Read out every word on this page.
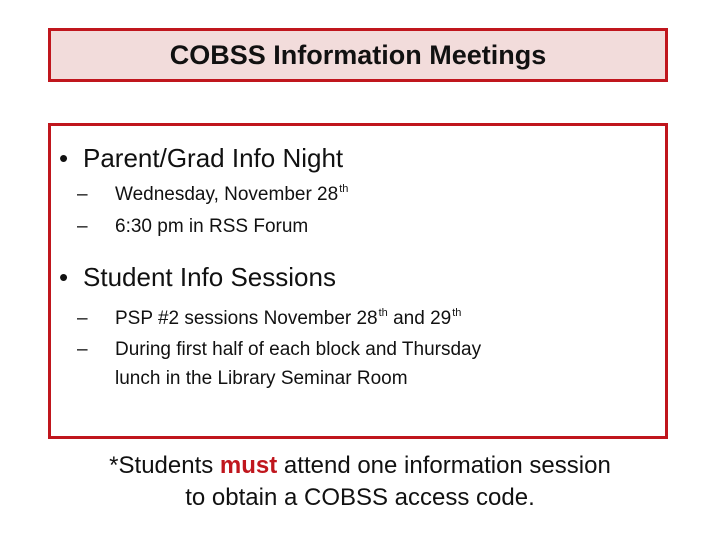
COBSS Information Meetings
• Parent/Grad Info Night
– Wednesday, November 28th
– 6:30 pm in RSS Forum
• Student Info Sessions
– PSP #2 sessions November 28th and 29th
– During first half of each block and Thursday
lunch in the Library Seminar Room
*Students must attend one information session
to obtain a COBSS access code.
